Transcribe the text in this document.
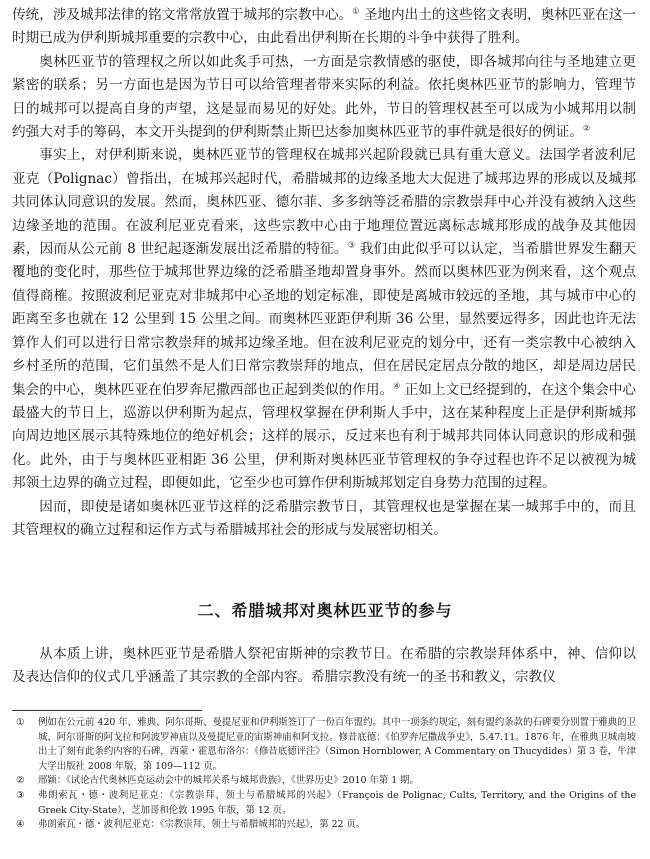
传统，涉及城邦法律的铭文常常放置于城邦的宗教中心。① 圣地内出土的这些铭文表明，奥林匹亚在这一时期已成为伊利斯城邦重要的宗教中心，由此看出伊利斯在长期的斗争中获得了胜利。

奥林匹亚节的管理权之所以如此炙手可热，一方面是宗教情感的驱使，即各城邦向往与圣地建立更紧密的联系；另一方面也是因为节日可以给管理者带来实际的利益。依托奥林匹亚节的影响力，管理节日的城邦可以提高自身的声望，这是显而易见的好处。此外，节日的管理权甚至可以成为小城邦用以制约强大对手的筹码，本文开头提到的伊利斯禁止斯巴达参加奥林匹亚节的事件就是很好的例证。②

事实上，对伊利斯来说，奥林匹亚节的管理权在城邦兴起阶段就已具有重大意义。法国学者波利尼亚克（Polignac）曾指出，在城邦兴起时代，希腊城邦的边缘圣地大大促进了城邦边界的形成以及城邦共同体认同意识的发展。然而，奥林匹亚、德尔菲、多多纳等泛希腊的宗教崇拜中心并没有被纳入这些边缘圣地的范围。在波利尼亚克看来，这些宗教中心由于地理位置远离标志城邦形成的战争及其他因素，因而从公元前 8 世纪起逐渐发展出泛希腊的特征。③ 我们由此似乎可以认定，当希腊世界发生翻天覆地的变化时，那些位于城邦世界边缘的泛希腊圣地却置身事外。然而以奥林匹亚为例来看，这个观点值得商榷。按照波利尼亚克对非城邦中心圣地的划定标准，即使是离城市较远的圣地，其与城市中心的距离至多也就在 12 公里到 15 公里之间。而奥林匹亚距伊利斯 36 公里，显然要远得多，因此也许无法算作人们可以进行日常宗教崇拜的城邦边缘圣地。但在波利尼亚克的划分中，还有一类宗教中心被纳入乡村圣所的范围，它们虽然不是人们日常宗教崇拜的地点，但在居民定居点分散的地区，却是周边居民集会的中心，奥林匹亚在伯罗奔尼撒西部也正起到类似的作用。④ 正如上文已经提到的，在这个集会中心最盛大的节日上，巡游以伊利斯为起点，管理权掌握在伊利斯人手中，这在某种程度上正是伊利斯城邦向周边地区展示其特殊地位的绝好机会；这样的展示，反过来也有利于城邦共同体认同意识的形成和强化。此外，由于与奥林匹亚相距 36 公里，伊利斯对奥林匹亚节管理权的争夺过程也许不足以被视为城邦领土边界的确立过程，即便如此，它至少也可算作伊利斯城邦划定自身势力范围的过程。

因而，即使是诸如奥林匹亚节这样的泛希腊宗教节日，其管理权也是掌握在某一城邦手中的，而且其管理权的确立过程和运作方式与希腊城邦社会的形成与发展密切相关。

二、希腊城邦对奥林匹亚节的参与

从本质上讲，奥林匹亚节是希腊人祭祀宙斯神的宗教节日。在希腊的宗教崇拜体系中，神、信仰以及表达信仰的仪式几乎涵盖了其宗教的全部内容。希腊宗教没有统一的圣书和教义，宗教仪

①	例如在公元前 420 年，雅典、阿尔哥斯、曼提尼亚和伊利斯签订了一份百年盟约。其中一项条约规定，刻有盟约条款的石碑要分别置于雅典的卫城、阿尔哥斯的阿戈拉和阿波罗神庙以及曼提尼亚的宙斯神庙和阿戈拉。修昔底德：《伯罗奔尼撒战争史》，5.47.11。1876 年，在雅典卫城南坡出土了刻有此条约内容的石碑，西蒙・霍恩布洛尔：《修昔底德评注》（Simon Hornblower, A Commentary on Thucydides）第 3 卷，牛津大学出版社 2008 年版，第 109—112 页。
②	邢颖：《试论古代奥林匹克运动会中的城邦关系与城邦贵族》，《世界历史》2010 年第 1 期。
③	弗朗索瓦・德・波利尼亚克：《宗教崇拜、领土与希腊城邦的兴起》（François de Polignac, Cults, Territory, and the Origins of the Greek City-State），芝加哥和伦敦 1995 年版，第 12 页。
④	弗朗索瓦・德・波利尼亚克：《宗教崇拜、领土与希腊城邦的兴起》，第 22 页。
